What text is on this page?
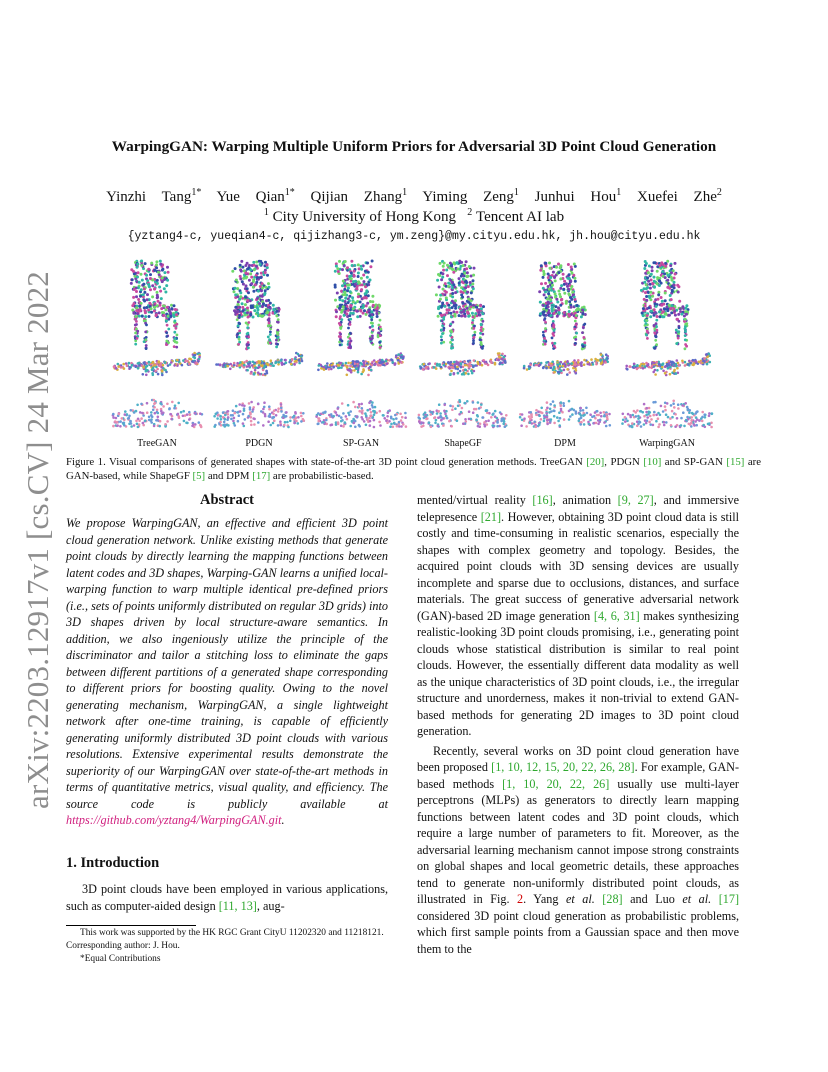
arXiv:2203.12917v1 [cs.CV] 24 Mar 2022
WarpingGAN: Warping Multiple Uniform Priors for Adversarial 3D Point Cloud Generation
Yinzhi Tang$^{1*}$ Yue Qian$^{1*}$ Qijian Zhang$^1$ Yiming Zeng$^1$ Junhui Hou$^1$ Xuefei Zhe$^2$
$^1$ City University of Hong Kong $^2$ Tencent AI lab
{yztang4-c, yueqian4-c, qijizhang3-c, ym.zeng}@my.cityu.edu.hk, jh.hou@cityu.edu.hk
TreeGAN	PDGN	SP-GAN	ShapeGF	DPM	WarpingGAN
Figure 1. Visual comparisons of generated shapes with state-of-the-art 3D point cloud generation methods. TreeGAN [20], PDGN [10] and SP-GAN [15] are GAN-based, while ShapeGF [5] and DPM [17] are probabilistic-based.
Abstract
We propose WarpingGAN, an effective and efficient 3D point cloud generation network. Unlike existing methods that generate point clouds by directly learning the mapping functions between latent codes and 3D shapes, Warping-GAN learns a unified local-warping function to warp multiple identical pre-defined priors (i.e., sets of points uniformly distributed on regular 3D grids) into 3D shapes driven by local structure-aware semantics. In addition, we also ingeniously utilize the principle of the discriminator and tailor a stitching loss to eliminate the gaps between different partitions of a generated shape corresponding to different priors for boosting quality. Owing to the novel generating mechanism, WarpingGAN, a single lightweight network after one-time training, is capable of efficiently generating uniformly distributed 3D point clouds with various resolutions. Extensive experimental results demonstrate the superiority of our WarpingGAN over state-of-the-art methods in terms of quantitative metrics, visual quality, and efficiency. The source code is publicly available at https://github.com/yztang4/WarpingGAN.git.
1. Introduction
3D point clouds have been employed in various applications, such as computer-aided design [11, 13], aug-

This work was supported by the HK RGC Grant CityU 11202320 and 11218121. Corresponding author: J. Hou.

*Equal Contributions

mented/virtual reality [16], animation [9, 27], and immersive telepresence [21]. However, obtaining 3D point cloud data is still costly and time-consuming in realistic scenarios, especially the shapes with complex geometry and topology. Besides, the acquired point clouds with 3D sensing devices are usually incomplete and sparse due to occlusions, distances, and surface materials. The great success of generative adversarial network (GAN)-based 2D image generation [4, 6, 31] makes synthesizing realistic-looking 3D point clouds promising, i.e., generating point clouds whose statistical distribution is similar to real point clouds. However, the essentially different data modality as well as the unique characteristics of 3D point clouds, i.e., the irregular structure and unorderness, makes it non-trivial to extend GAN-based methods for generating 2D images to 3D point cloud generation.

Recently, several works on 3D point cloud generation have been proposed [1, 10, 12, 15, 20, 22, 26, 28]. For example, GAN-based methods [1, 10, 20, 22, 26] usually use multi-layer perceptrons (MLPs) as generators to directly learn mapping functions between latent codes and 3D point clouds, which require a large number of parameters to fit. Moreover, as the adversarial learning mechanism cannot impose strong constraints on global shapes and local geometric details, these approaches tend to generate non-uniformly distributed point clouds, as illustrated in Fig. 2. Yang et al. [28] and Luo et al. [17] considered 3D point cloud generation as probabilistic problems, which first sample points from a Gaussian space and then move them to the
